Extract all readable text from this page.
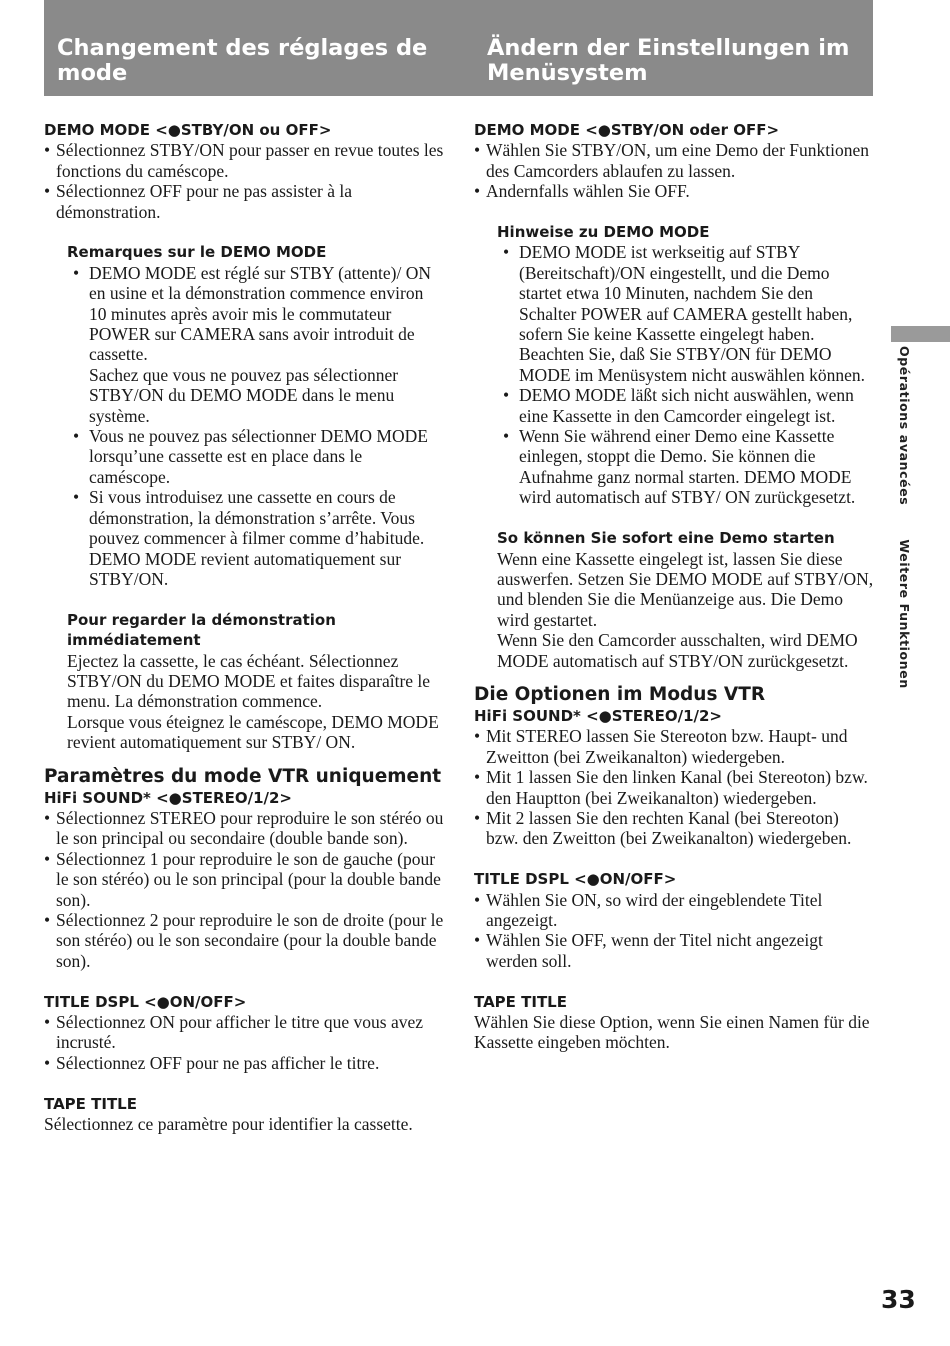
Changement des réglages de mode
Ändern der Einstellungen im Menüsystem

DEMO MODE <●STBY/ON ou OFF>

• Sélectionnez STBY/ON pour passer en revue toutes les fonctions du caméscope.
• Sélectionnez OFF pour ne pas assister à la démonstration.

Remarques sur le DEMO MODE

• DEMO MODE est réglé sur STBY (attente)/ ON en usine et la démonstration commence environ 10 minutes après avoir mis le commutateur POWER sur CAMERA sans avoir introduit de cassette.
Sachez que vous ne pouvez pas sélectionner STBY/ON du DEMO MODE dans le menu système.
• Vous ne pouvez pas sélectionner DEMO MODE lorsqu’une cassette est en place dans le caméscope.
• Si vous introduisez une cassette en cours de démonstration, la démonstration s’arrête. Vous pouvez commencer à filmer comme d’habitude. DEMO MODE revient automatiquement sur STBY/ON.

Pour regarder la démonstration immédiatement

Ejectez la cassette, le cas échéant. Sélectionnez STBY/ON du DEMO MODE et faites disparaître le menu. La démonstration commence.

Lorsque vous éteignez le caméscope, DEMO MODE revient automatiquement sur STBY/ ON.

Paramètres du mode VTR uniquement

HiFi SOUND* <●STEREO/1/2>

• Sélectionnez STEREO pour reproduire le son stéréo ou le son principal ou secondaire (double bande son).
• Sélectionnez 1 pour reproduire le son de gauche (pour le son stéréo) ou le son principal (pour la double bande son).
• Sélectionnez 2 pour reproduire le son de droite (pour le son stéréo) ou le son secondaire (pour la double bande son).

TITLE DSPL <●ON/OFF>

• Sélectionnez ON pour afficher le titre que vous avez incrusté.
• Sélectionnez OFF pour ne pas afficher le titre.

TAPE TITLE

Sélectionnez ce paramètre pour identifier la cassette.

DEMO MODE <●STBY/ON oder OFF>

• Wählen Sie STBY/ON, um eine Demo der Funktionen des Camcorders ablaufen zu lassen.
• Andernfalls wählen Sie OFF.

Hinweise zu DEMO MODE

• DEMO MODE ist werkseitig auf STBY (Bereitschaft)/ON eingestellt, und die Demo startet etwa 10 Minuten, nachdem Sie den Schalter POWER auf CAMERA gestellt haben, sofern Sie keine Kassette eingelegt haben.
Beachten Sie, daß Sie STBY/ON für DEMO MODE im Menüsystem nicht auswählen können.
• DEMO MODE läßt sich nicht auswählen, wenn eine Kassette in den Camcorder eingelegt ist.
• Wenn Sie während einer Demo eine Kassette einlegen, stoppt die Demo. Sie können die Aufnahme ganz normal starten. DEMO MODE wird automatisch auf STBY/ ON zurückgesetzt.

So können Sie sofort eine Demo starten

Wenn eine Kassette eingelegt ist, lassen Sie diese auswerfen. Setzen Sie DEMO MODE auf STBY/ON, und blenden Sie die Menüanzeige aus. Die Demo wird gestartet.

Wenn Sie den Camcorder ausschalten, wird DEMO MODE automatisch auf STBY/ON zurückgesetzt.

Die Optionen im Modus VTR

HiFi SOUND* <●STEREO/1/2>

• Mit STEREO lassen Sie Stereoton bzw. Haupt- und Zweitton (bei Zweikanalton) wiedergeben.
• Mit 1 lassen Sie den linken Kanal (bei Stereoton) bzw. den Hauptton (bei Zweikanalton) wiedergeben.
• Mit 2 lassen Sie den rechten Kanal (bei Stereoton) bzw. den Zweitton (bei Zweikanalton) wiedergeben.

TITLE DSPL <●ON/OFF>

• Wählen Sie ON, so wird der eingeblendete Titel angezeigt.
• Wählen Sie OFF, wenn der Titel nicht angezeigt werden soll.

TAPE TITLE

Wählen Sie diese Option, wenn Sie einen Namen für die Kassette eingeben möchten.

Opérations avancéesWeitere Funktionen
33
